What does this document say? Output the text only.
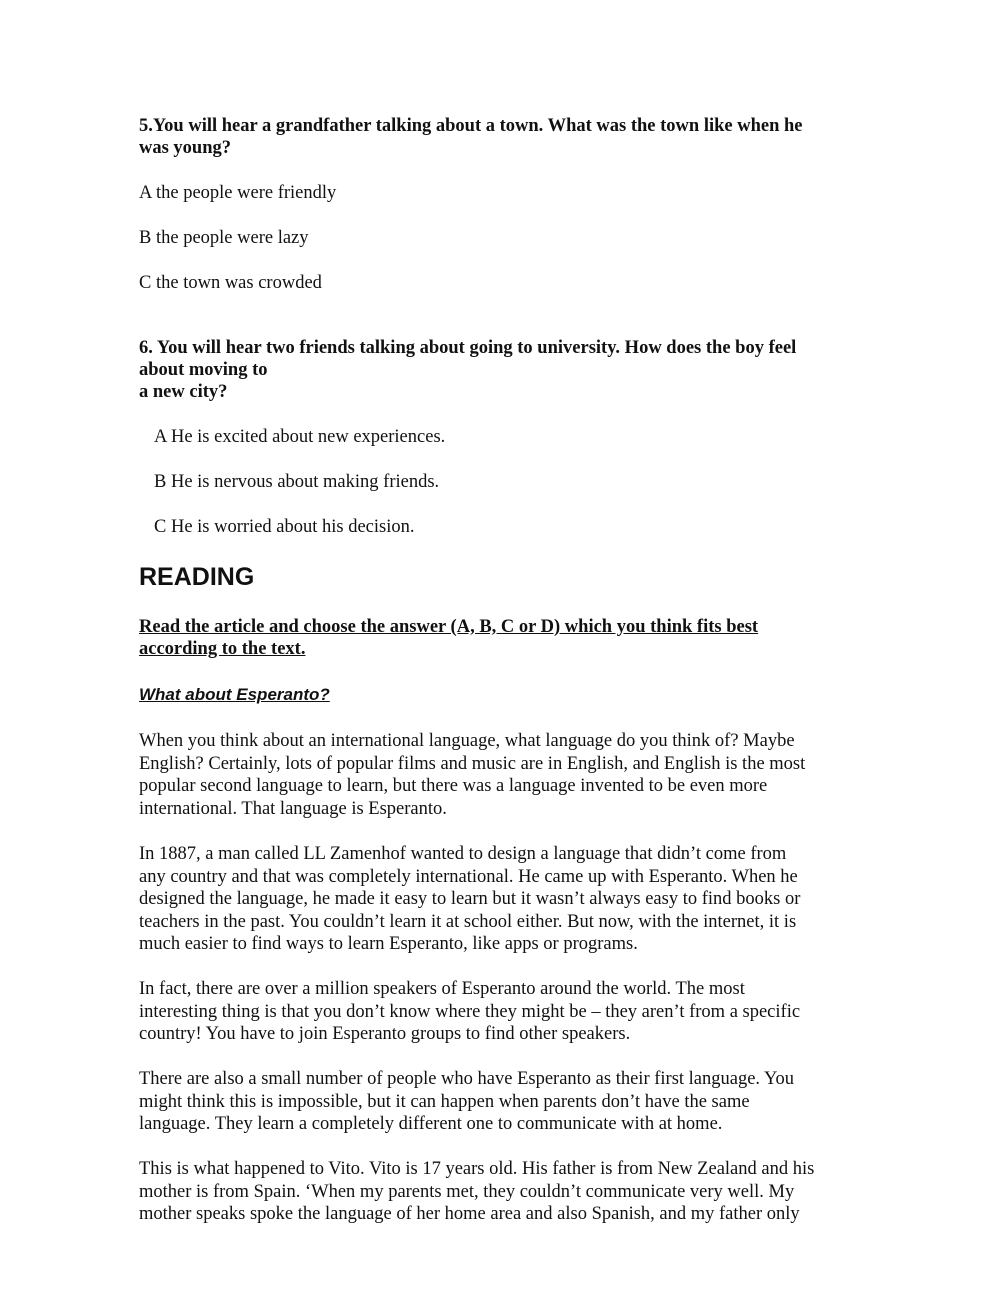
5.You will hear a grandfather talking about a town. What was the town like when he
was young?
A the people were friendly
B the people were lazy
C the town was crowded
6. You will hear two friends talking about going to university. How does the boy feel
about moving to
a new city?
A He is excited about new experiences.
B He is nervous about making friends.
C He is worried about his decision.
READING
Read the article and choose the answer (A, B, C or D) which you think fits best
according to the text.
What about Esperanto?
When you think about an international language, what language do you think of? Maybe
English? Certainly, lots of popular films and music are in English, and English is the most
popular second language to learn, but there was a language invented to be even more
international. That language is Esperanto.
In 1887, a man called LL Zamenhof wanted to design a language that didn’t come from
any country and that was completely international. He came up with Esperanto. When he
designed the language, he made it easy to learn but it wasn’t always easy to find books or
teachers in the past. You couldn’t learn it at school either. But now, with the internet, it is
much easier to find ways to learn Esperanto, like apps or programs.
In fact, there are over a million speakers of Esperanto around the world. The most
interesting thing is that you don’t know where they might be – they aren’t from a specific
country! You have to join Esperanto groups to find other speakers.
There are also a small number of people who have Esperanto as their first language. You
might think this is impossible, but it can happen when parents don’t have the same
language. They learn a completely different one to communicate with at home.
This is what happened to Vito. Vito is 17 years old. His father is from New Zealand and his
mother is from Spain. ‘When my parents met, they couldn’t communicate very well. My
mother speaks spoke the language of her home area and also Spanish, and my father only
